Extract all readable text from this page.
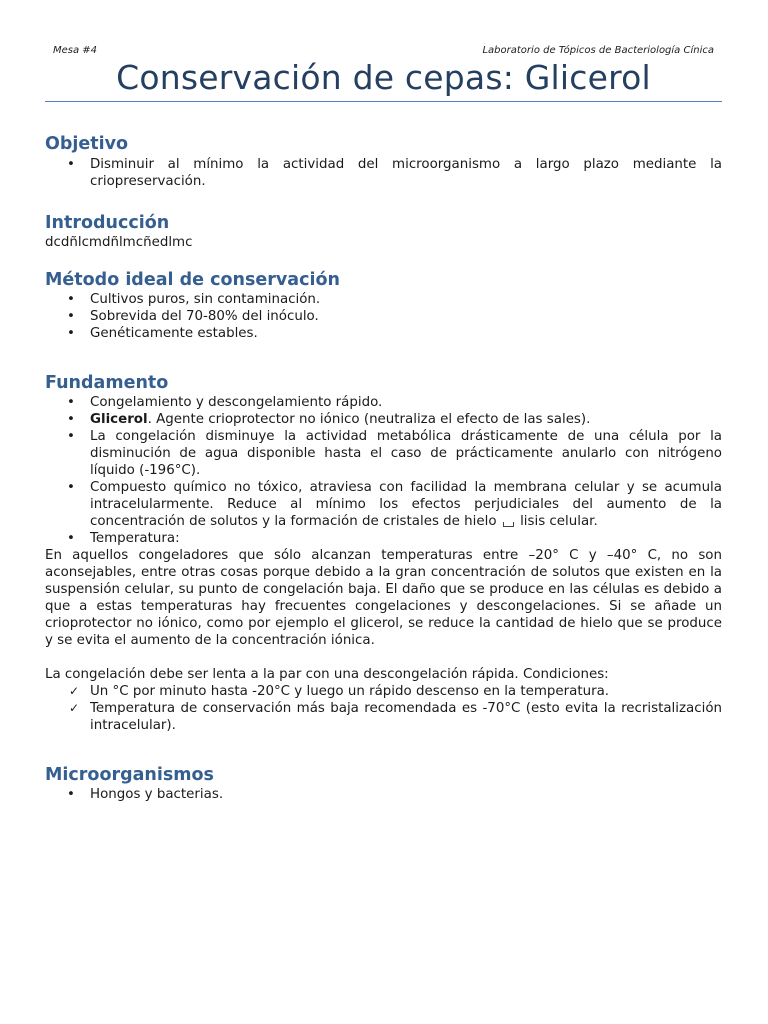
Mesa #4	Laboratorio de Tópicos de Bacteriología Cínica
Conservación de cepas: Glicerol
Objetivo
• Disminuir al mínimo la actividad del microorganismo a largo plazo mediante la criopreservación.
Introducción

dcdñlcmdñlmcñedlmc

Método ideal de conservación
• Cultivos puros, sin contaminación.
• Sobrevida del 70-80% del inóculo.
• Genéticamente estables.
Fundamento
• Congelamiento y descongelamiento rápido.
• Glicerol. Agente crioprotector no iónico (neutraliza el efecto de las sales).
• La congelación disminuye la actividad metabólica drásticamente de una célula por la disminución de agua disponible hasta el caso de prácticamente anularlo con nitrógeno líquido (-196°C).
• Compuesto químico no tóxico, atraviesa con facilidad la membrana celular y se acumula intracelularmente. Reduce al mínimo los efectos perjudiciales del aumento de la concentración de solutos y la formación de cristales de hielo lisis celular.
• Temperatura:

En aquellos congeladores que sólo alcanzan temperaturas entre –20° C y –40° C, no son aconsejables, entre otras cosas porque debido a la gran concentración de solutos que existen en la suspensión celular, su punto de congelación baja. El daño que se produce en las células es debido a que a estas temperaturas hay frecuentes congelaciones y descongelaciones. Si se añade un crioprotector no iónico, como por ejemplo el glicerol, se reduce la cantidad de hielo que se produce y se evita el aumento de la concentración iónica.

La congelación debe ser lenta a la par con una descongelación rápida. Condiciones:

✓ Un °C por minuto hasta -20°C y luego un rápido descenso en la temperatura.
✓ Temperatura de conservación más baja recomendada es -70°C (esto evita la recristalización intracelular).
Microorganismos
• Hongos y bacterias.
